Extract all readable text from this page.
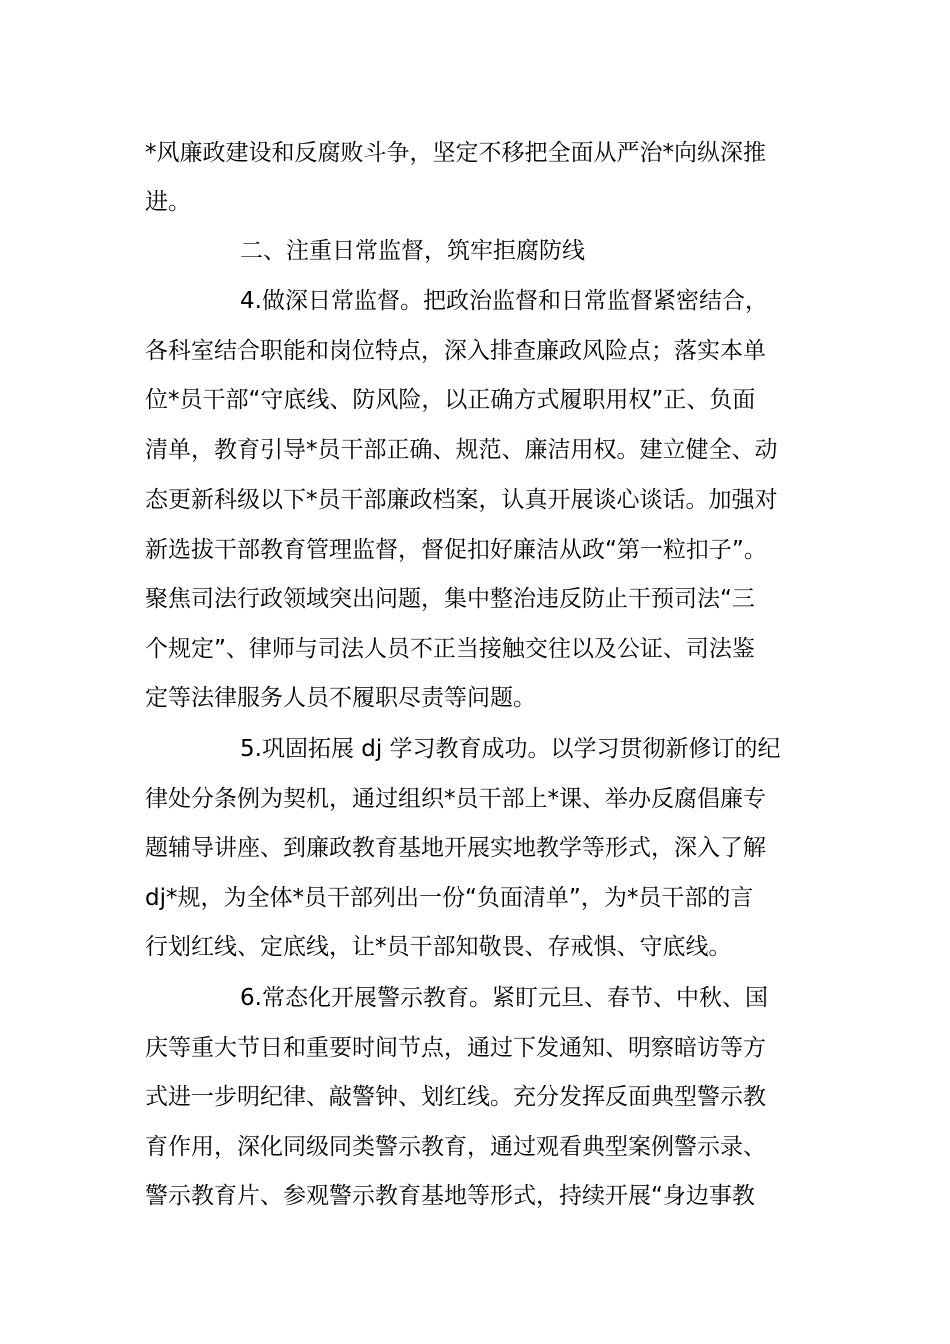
*风廉政建设和反腐败斗争，坚定不移把全面从严治*向纵深推
进。
二、注重日常监督，筑牢拒腐防线
4.做深日常监督。把政治监督和日常监督紧密结合，
各科室结合职能和岗位特点，深入排查廉政风险点；落实本单
位*员干部“守底线、防风险，以正确方式履职用权”正、负面
清单，教育引导*员干部正确、规范、廉洁用权。建立健全、动
态更新科级以下*员干部廉政档案，认真开展谈心谈话。加强对
新选拔干部教育管理监督，督促扣好廉洁从政“第一粒扣子”。
聚焦司法行政领域突出问题，集中整治违反防止干预司法“三
个规定”、律师与司法人员不正当接触交往以及公证、司法鉴
定等法律服务人员不履职尽责等问题。
5.巩固拓展 dj 学习教育成功。以学习贯彻新修订的纪
律处分条例为契机，通过组织*员干部上*课、举办反腐倡廉专
题辅导讲座、到廉政教育基地开展实地教学等形式，深入了解
dj*规，为全体*员干部列出一份“负面清单”，为*员干部的言
行划红线、定底线，让*员干部知敬畏、存戒惧、守底线。
6.常态化开展警示教育。紧盯元旦、春节、中秋、国
庆等重大节日和重要时间节点，通过下发通知、明察暗访等方
式进一步明纪律、敲警钟、划红线。充分发挥反面典型警示教
育作用，深化同级同类警示教育，通过观看典型案例警示录、
警示教育片、参观警示教育基地等形式，持续开展“身边事教
